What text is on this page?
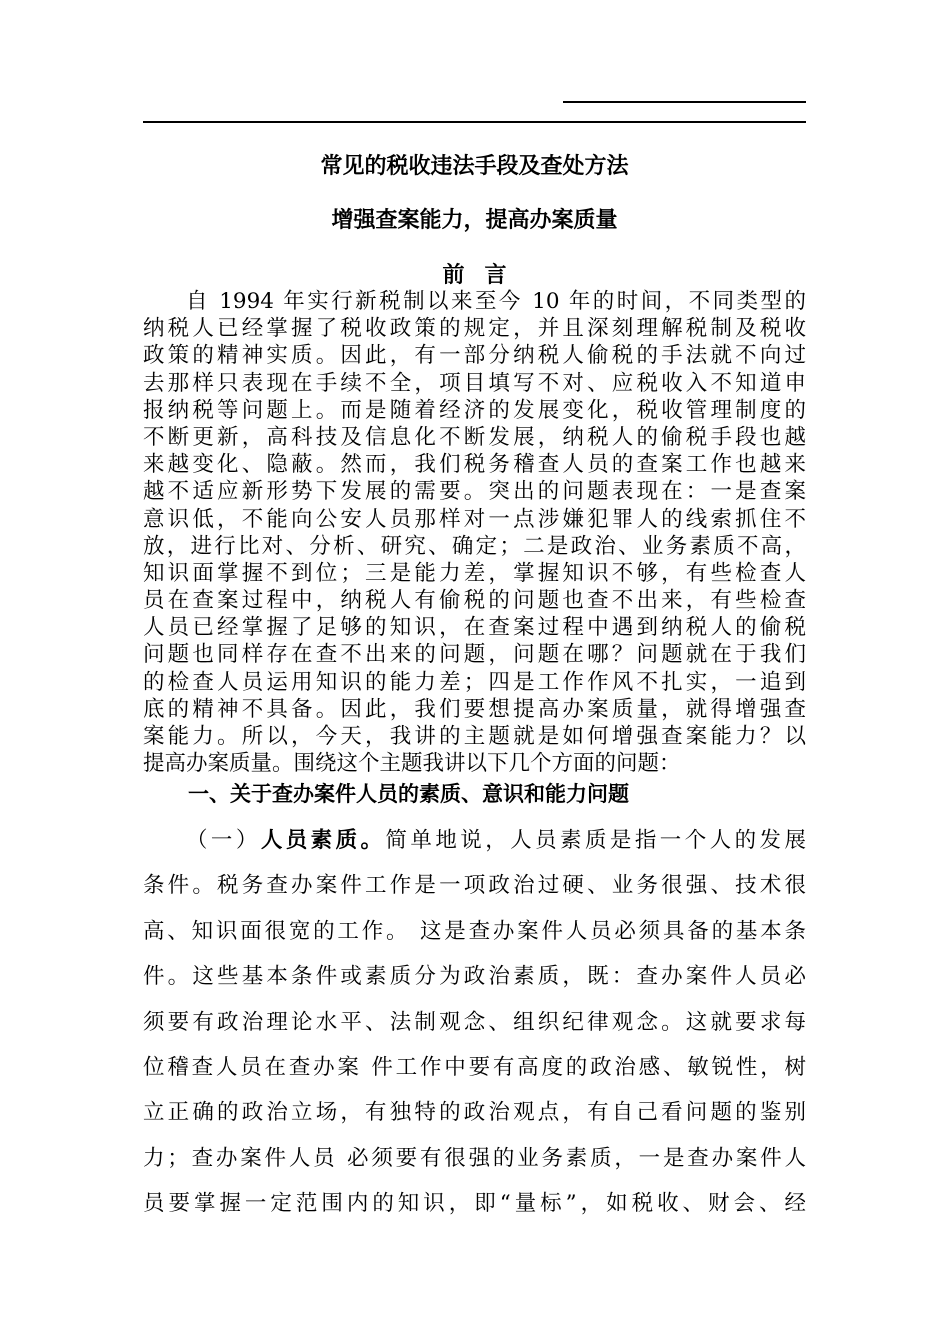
常见的税收违法手段及查处方法
增强查案能力，提高办案质量
前言
自 1994 年实行新税制以来至今 10 年的时间，不同类型的
纳税人已经掌握了税收政策的规定，并且深刻理解税制及税收
政策的精神实质。因此，有一部分纳税人偷税的手法就不向过
去那样只表现在手续不全，项目填写不对、应税收入不知道申
报纳税等问题上。而是随着经济的发展变化，税收管理制度的
不断更新，高科技及信息化不断发展，纳税人的偷税手段也越
来越变化、隐蔽。然而，我们税务稽查人员的查案工作也越来
越不适应新形势下发展的需要。突出的问题表现在：一是查案
意识低，不能向公安人员那样对一点涉嫌犯罪人的线索抓住不
放，进行比对、分析、研究、确定；二是政治、业务素质不高，
知识面掌握不到位；三是能力差，掌握知识不够，有些检查人
员在查案过程中，纳税人有偷税的问题也查不出来，有些检查
人员已经掌握了足够的知识，在查案过程中遇到纳税人的偷税
问题也同样存在查不出来的问题，问题在哪？问题就在于我们
的检查人员运用知识的能力差；四是工作作风不扎实，一追到
底的精神不具备。因此，我们要想提高办案质量，就得增强查
案能力。所以，今天，我讲的主题就是如何增强查案能力？以
提高办案质量。围绕这个主题我讲以下几个方面的问题：
一、关于查办案件人员的素质、意识和能力问题
（一）人员素质。简单地说，人员素质是指一个人的发展
条件。税务查办案件工作是一项政治过硬、业务很强、技术很
高、知识面很宽的工作。 这是查办案件人员必须具备的基本条
件。这些基本条件或素质分为政治素质，既：查办案件人员必
须要有政治理论水平、法制观念、组织纪律观念。这就要求每
位稽查人员在查办案 件工作中要有高度的政治感、敏锐性，树
立正确的政治立场，有独特的政治观点，有自己看问题的鉴别
力；查办案件人员 必须要有很强的业务素质，一是查办案件人
员要掌握一定范围内的知识，即“量标”，如税收、财会、经
